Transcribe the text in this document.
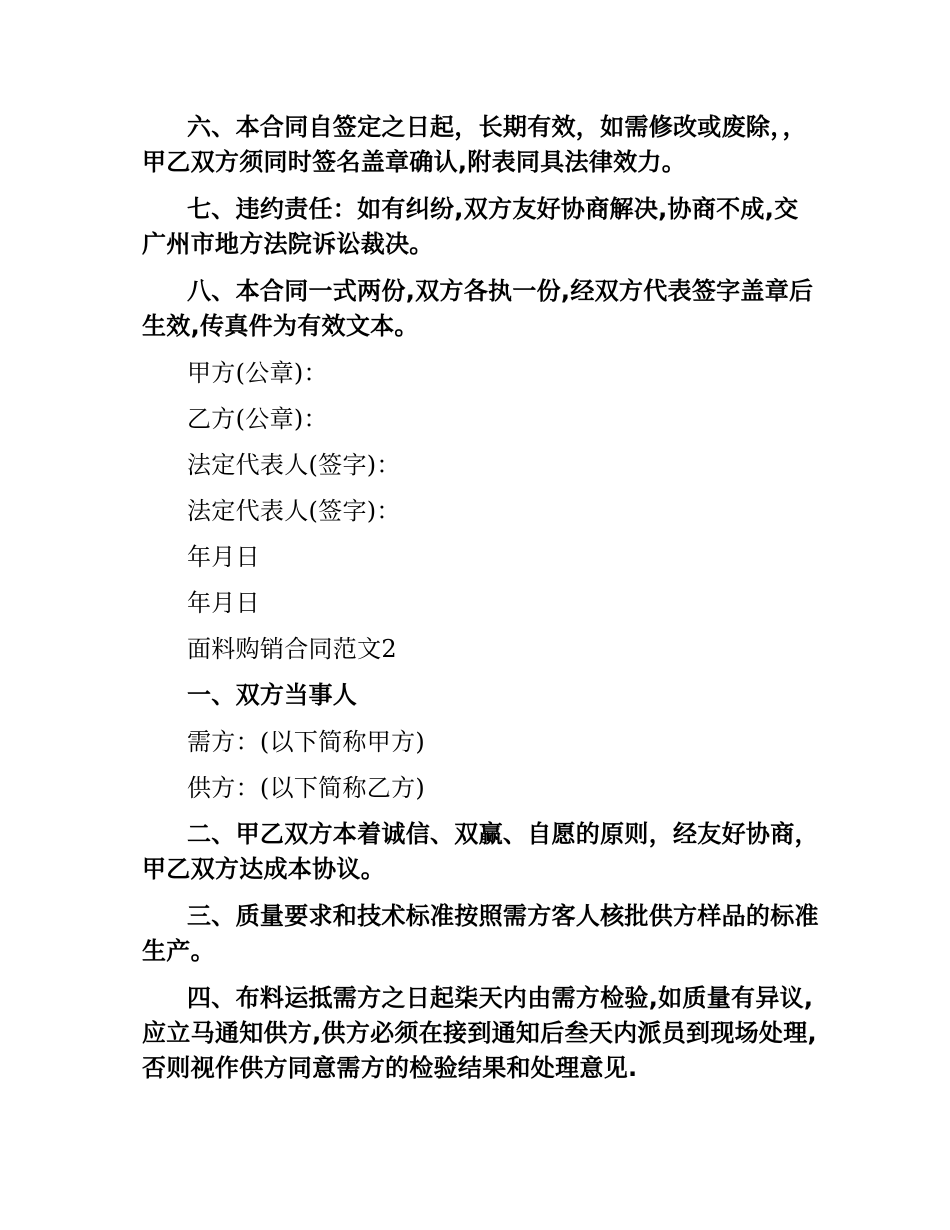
六、本合同自签定之日起，长期有效，如需修改或废除，，甲乙双方须同时签名盖章确认,附表同具法律效力。

七、违约责任：如有纠纷,双方友好协商解决,协商不成,交广州市地方法院诉讼裁决。

八、本合同一式两份,双方各执一份,经双方代表签字盖章后生效,传真件为有效文本。

甲方(公章)：

乙方(公章)：

法定代表人(签字)：

法定代表人(签字)：

年月日

年月日

面料购销合同范文2

一、双方当事人

需方：(以下简称甲方)

供方：(以下简称乙方)

二、甲乙双方本着诚信、双赢、自愿的原则，经友好协商，甲乙双方达成本协议。

三、质量要求和技术标准按照需方客人核批供方样品的标准生产。

四、布料运抵需方之日起柒天内由需方检验,如质量有异议,应立马通知供方,供方必须在接到通知后叁天内派员到现场处理,否则视作供方同意需方的检验结果和处理意见.
